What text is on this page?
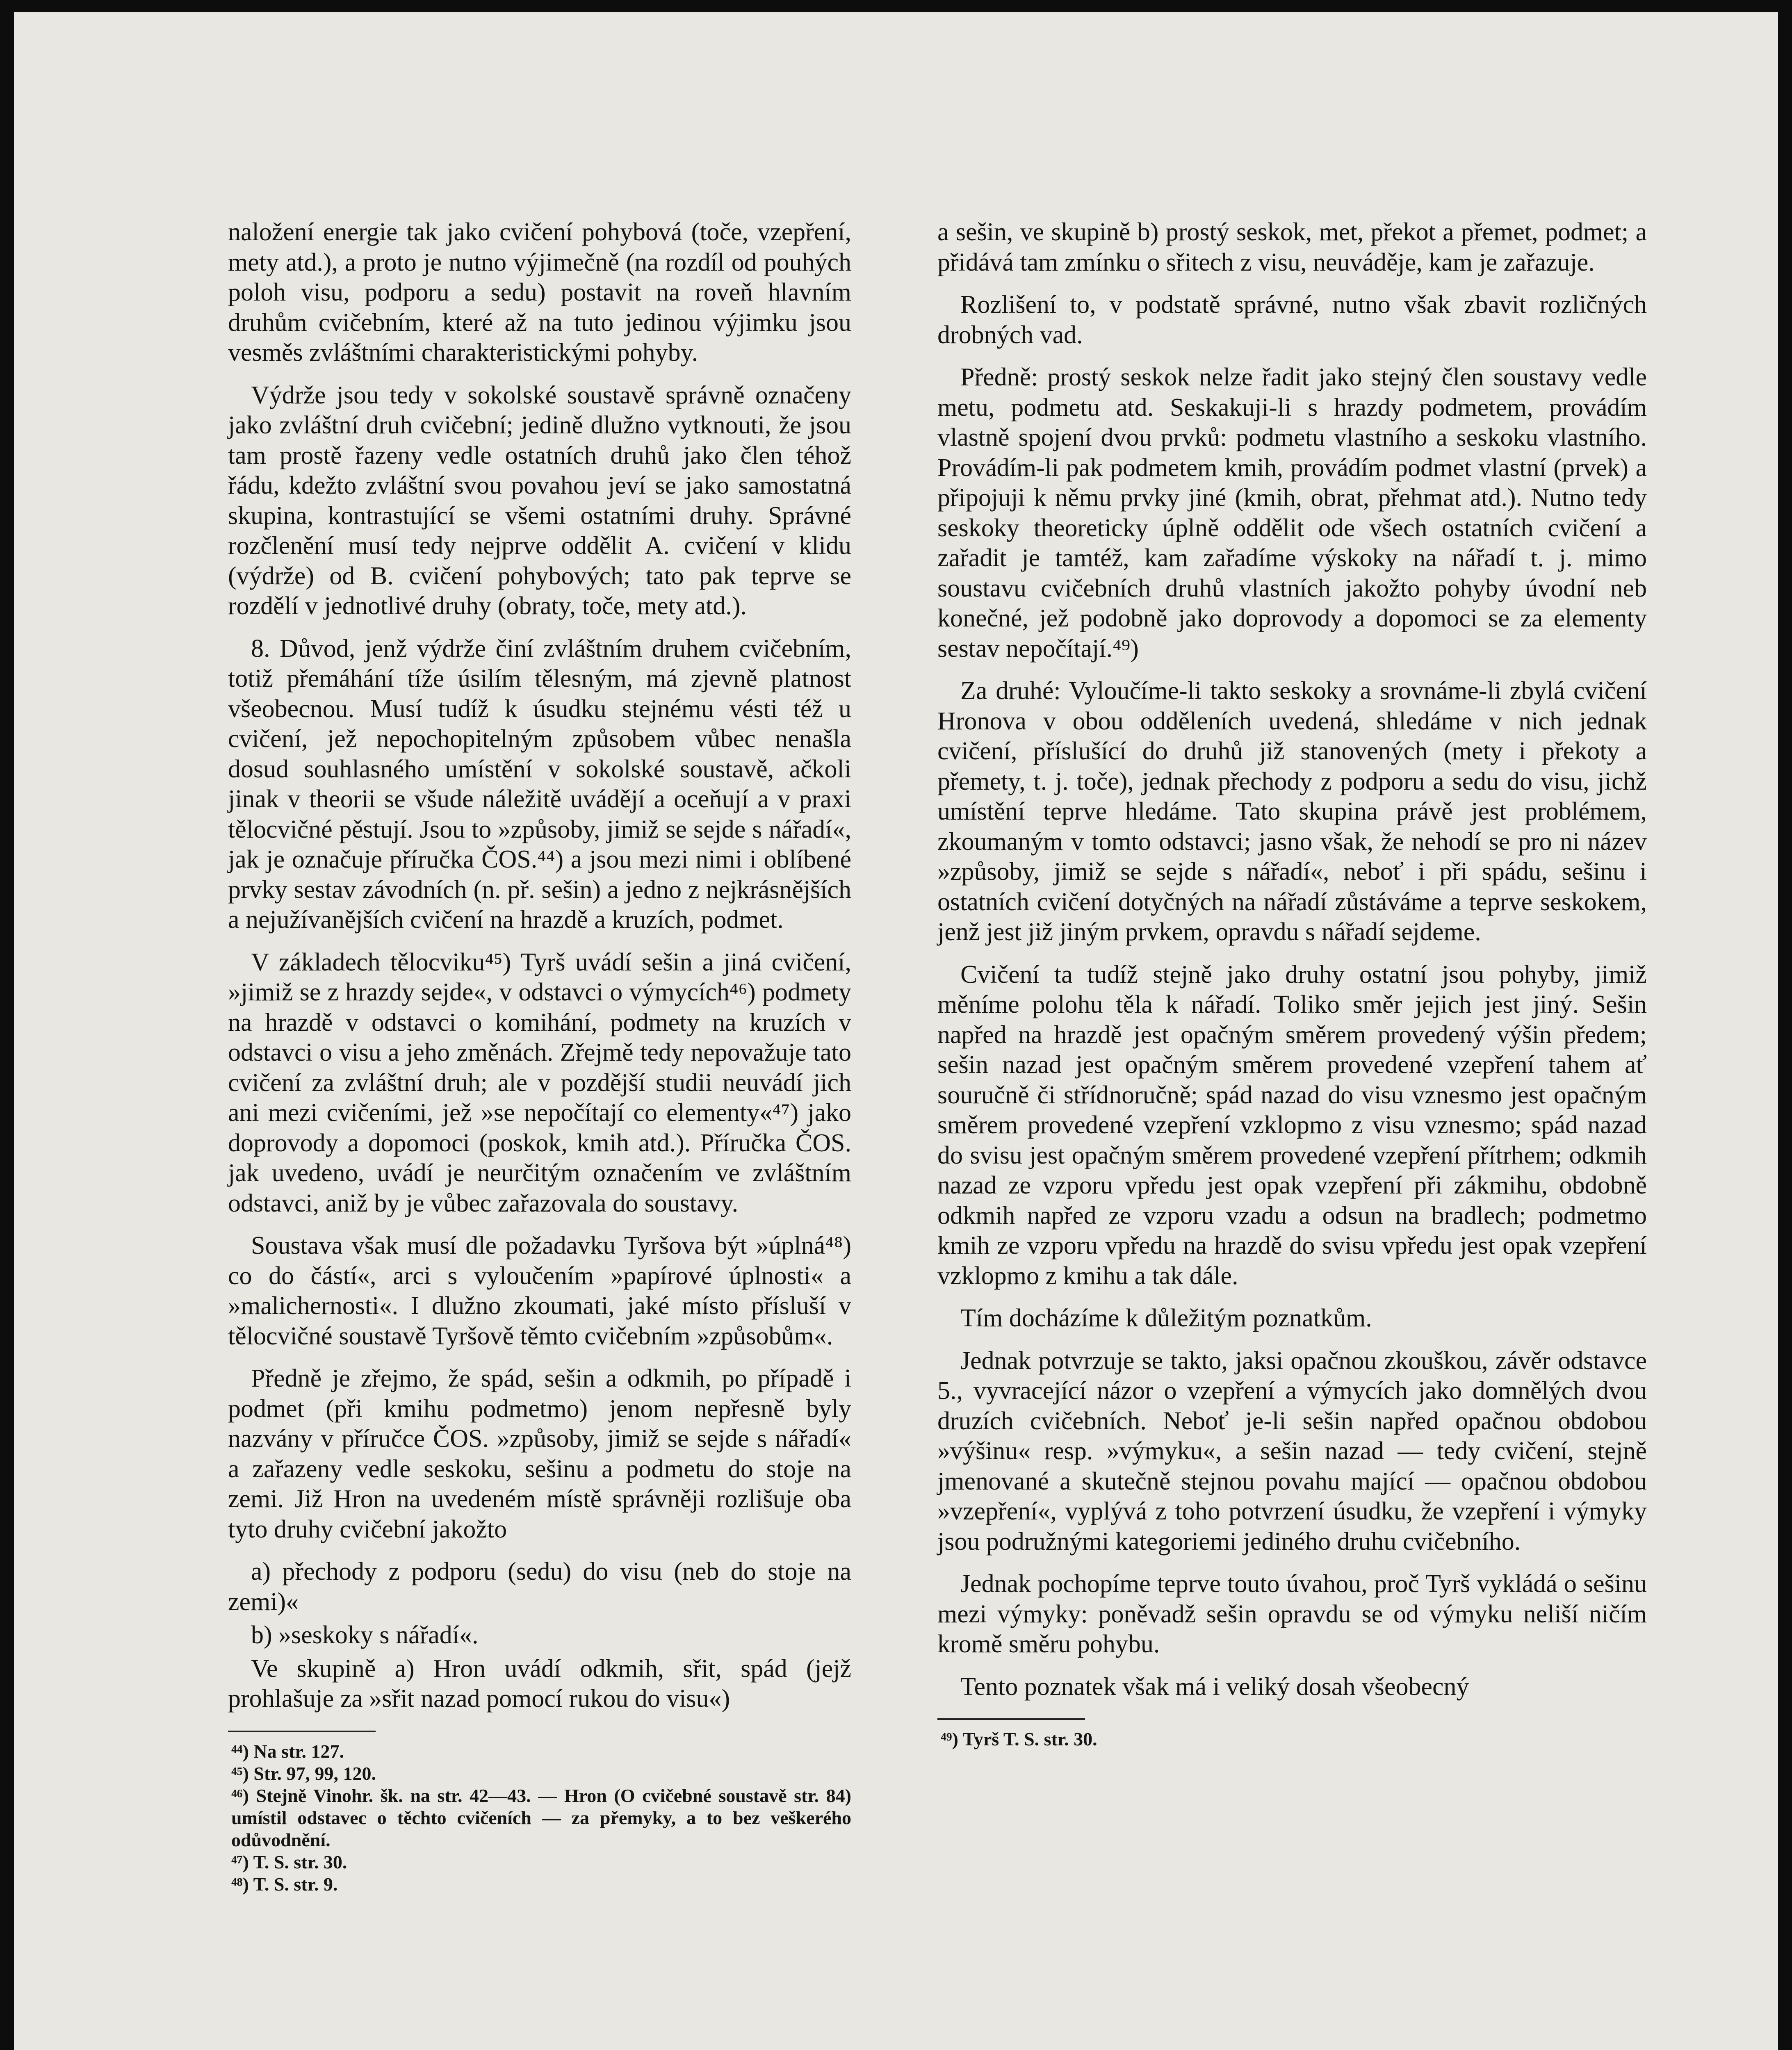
naložení energie tak jako cvičení pohybová (toče, vzepření, mety atd.), a proto je nutno výjimečně (na rozdíl od pouhých poloh visu, podporu a sedu) postavit na roveň hlavním druhům cvičebním, které až na tuto jedinou výjimku jsou vesměs zvláštními charakteristickými pohyby.

Výdrže jsou tedy v sokolské soustavě správně označeny jako zvláštní druh cvičební; jedině dlužno vytknouti, že jsou tam prostě řazeny vedle ostatních druhů jako člen téhož řádu, kdežto zvláštní svou povahou jeví se jako samostatná skupina, kontrastující se všemi ostatními druhy. Správné rozčlenění musí tedy nejprve oddělit A. cvičení v klidu (výdrže) od B. cvičení pohybových; tato pak teprve se rozdělí v jednotlivé druhy (obraty, toče, mety atd.).

8. Důvod, jenž výdrže činí zvláštním druhem cvičebním, totiž přemáhání tíže úsilím tělesným, má zjevně platnost všeobecnou. Musí tudíž k úsudku stejnému vésti též u cvičení, jež nepochopitelným způsobem vůbec nenašla dosud souhlasného umístění v sokolské soustavě, ačkoli jinak v theorii se všude náležitě uvádějí a oceňují a v praxi tělocvičné pěstují. Jsou to »způsoby, jimiž se sejde s nářadí«, jak je označuje příručka ČOS.⁴⁴) a jsou mezi nimi i oblíbené prvky sestav závodních (n. př. sešin) a jedno z nejkrásnějších a nejužívanějších cvičení na hrazdě a kruzích, podmet.

V základech tělocviku⁴⁵) Tyrš uvádí sešin a jiná cvičení, »jimiž se z hrazdy sejde«, v odstavci o výmycích⁴⁶) podmety na hrazdě v odstavci o komihání, podmety na kruzích v odstavci o visu a jeho změnách. Zřejmě tedy nepovažuje tato cvičení za zvláštní druh; ale v pozdější studii neuvádí jich ani mezi cvičeními, jež »se nepočítají co elementy«⁴⁷) jako doprovody a dopomoci (poskok, kmih atd.). Příručka ČOS. jak uvedeno, uvádí je neurčitým označením ve zvláštním odstavci, aniž by je vůbec zařazovala do soustavy.

Soustava však musí dle požadavku Tyršova být »úplná⁴⁸) co do částí«, arci s vyloučením »papírové úplnosti« a »malichernosti«. I dlužno zkoumati, jaké místo přísluší v tělocvičné soustavě Tyršově těmto cvičebním »způsobům«.

Předně je zřejmo, že spád, sešin a odkmih, po případě i podmet (při kmihu podmetmo) jenom nepřesně byly nazvány v příručce ČOS. »způsoby, jimiž se sejde s nářadí« a zařazeny vedle seskoku, sešinu a podmetu do stoje na zemi. Již Hron na uvedeném místě správněji rozlišuje oba tyto druhy cvičební jakožto

a) přechody z podporu (sedu) do visu (neb do stoje na zemi)«

b) »seskoky s nářadí«.

Ve skupině a) Hron uvádí odkmih, sřit, spád (jejž prohlašuje za »sřit nazad pomocí rukou do visu«)

⁴⁴) Na str. 127.
⁴⁵) Str. 97, 99, 120.
⁴⁶) Stejně Vinohr. šk. na str. 42—43. — Hron (O cvičebné soustavě str. 84) umístil odstavec o těchto cvičeních — za přemyky, a to bez veškerého odůvodnění.
⁴⁷) T. S. str. 30.
⁴⁸) T. S. str. 9.

a sešin, ve skupině b) prostý seskok, met, překot a přemet, podmet; a přidává tam zmínku o sřitech z visu, neuváděje, kam je zařazuje.

Rozlišení to, v podstatě správné, nutno však zbavit rozličných drobných vad.

Předně: prostý seskok nelze řadit jako stejný člen soustavy vedle metu, podmetu atd. Seskakuji-li s hrazdy podmetem, provádím vlastně spojení dvou prvků: podmetu vlastního a seskoku vlastního. Provádím-li pak podmetem kmih, provádím podmet vlastní (prvek) a připojuji k němu prvky jiné (kmih, obrat, přehmat atd.). Nutno tedy seskoky theoreticky úplně oddělit ode všech ostatních cvičení a zařadit je tamtéž, kam zařadíme výskoky na nářadí t. j. mimo soustavu cvičebních druhů vlastních jakožto pohyby úvodní neb konečné, jež podobně jako doprovody a dopomoci se za elementy sestav nepočítají.⁴⁹)

Za druhé: Vyloučíme-li takto seskoky a srovnáme-li zbylá cvičení Hronova v obou odděleních uvedená, shledáme v nich jednak cvičení, příslušící do druhů již stanovených (mety i překoty a přemety, t. j. toče), jednak přechody z podporu a sedu do visu, jichž umístění teprve hledáme. Tato skupina právě jest problémem, zkoumaným v tomto odstavci; jasno však, že nehodí se pro ni název »způsoby, jimiž se sejde s nářadí«, neboť i při spádu, sešinu i ostatních cvičení dotyčných na nářadí zůstáváme a teprve seskokem, jenž jest již jiným prvkem, opravdu s nářadí sejdeme.

Cvičení ta tudíž stejně jako druhy ostatní jsou pohyby, jimiž měníme polohu těla k nářadí. Toliko směr jejich jest jiný. Sešin napřed na hrazdě jest opačným směrem provedený výšin předem; sešin nazad jest opačným směrem provedené vzepření tahem ať souručně či střídnoručně; spád nazad do visu vznesmo jest opačným směrem provedené vzepření vzklopmo z visu vznesmo; spád nazad do svisu jest opačným směrem provedené vzepření přítrhem; odkmih nazad ze vzporu vpředu jest opak vzepření při zákmihu, obdobně odkmih napřed ze vzporu vzadu a odsun na bradlech; podmetmo kmih ze vzporu vpředu na hrazdě do svisu vpředu jest opak vzepření vzklopmo z kmihu a tak dále.

Tím docházíme k důležitým poznatkům.

Jednak potvrzuje se takto, jaksi opačnou zkouškou, závěr odstavce 5., vyvracející názor o vzepření a výmycích jako domnělých dvou druzích cvičebních. Neboť je-li sešin napřed opačnou obdobou »výšinu« resp. »výmyku«, a sešin nazad — tedy cvičení, stejně jmenované a skutečně stejnou povahu mající — opačnou obdobou »vzepření«, vyplývá z toho potvrzení úsudku, že vzepření i výmyky jsou podružnými kategoriemi jediného druhu cvičebního.

Jednak pochopíme teprve touto úvahou, proč Tyrš vykládá o sešinu mezi výmyky: poněvadž sešin opravdu se od výmyku neliší ničím kromě směru pohybu.

Tento poznatek však má i veliký dosah všeobecný

⁴⁹) Tyrš T. S. str. 30.
